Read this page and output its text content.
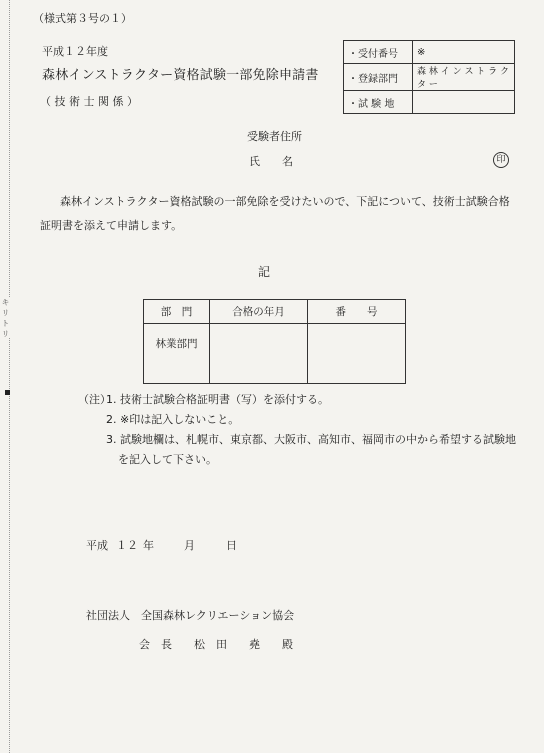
キ リ ト リ
（様式第３号の１）
平成１２年度
森林インストラクター資格試験一部免除申請書
（ 技 術 士 関 係 ）
・受付番号	※
・登録部門	森 林 イ ン ス ト ラ ク タ ー
・試 験 地	
受験者住所
氏　　名	印
森林インストラクター資格試験の一部免除を受けたいので、下記について、技術士試験合格
証明書を添えて申請します。
記
部　門	合格の年月	番　　号
林業部門		
（注）
1. 技術士試験合格証明書（写）を添付する。
2. ※印は記入しないこと。
3. 試験地欄は、札幌市、東京都、大阪市、高知市、福岡市の中から希望する試験地
を記入して下さい。
平成 １２ 年	月	日
社団法人　全国森林レクリエーション協会
会　長　　松　田　　堯　　殿
